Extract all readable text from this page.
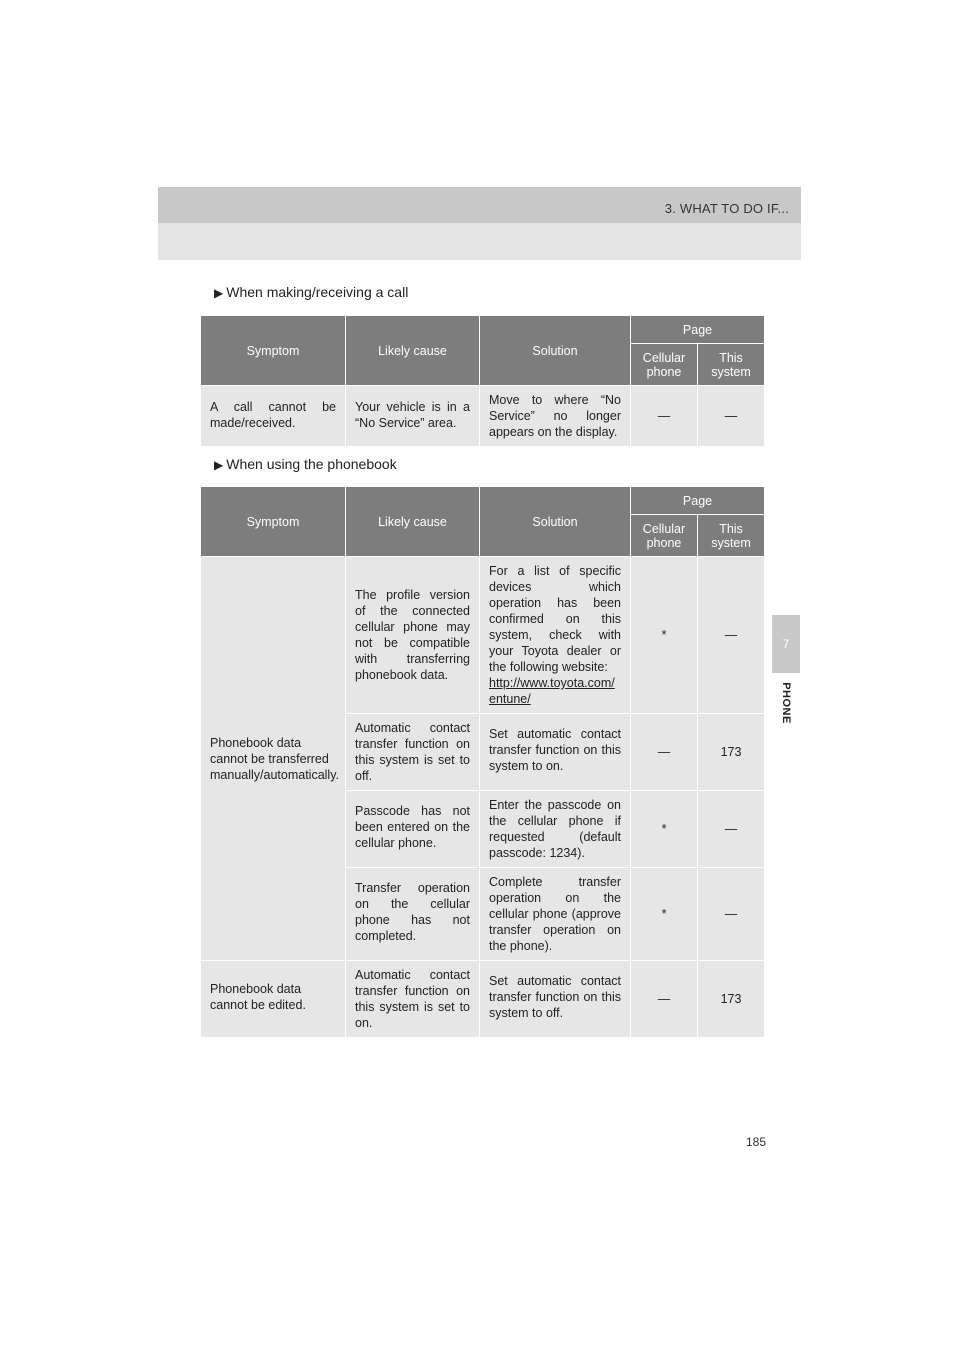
3. WHAT TO DO IF...
7
PHONE
▶ When making/receiving a call
Symptom	Likely cause	Solution	Page	
			Cellular phone	This system
A call cannot be made/received.	Your vehicle is in a “No Service” area.	Move to where “No Service” no longer appears on the display.	—	—
▶ When using the phonebook
Symptom	Likely cause	Solution	Page	
			Cellular phone	This system
Phonebook data cannot be transferred manually/automatically.	The profile version of the connected cellular phone may not be compatible with transferring phonebook data.	For a list of specific devices which operation has been confirmed on this system, check with your Toyota dealer or the following website:
http://www.toyota.com/entune/	*	—
	Automatic contact transfer function on this system is set to off.	Set automatic contact transfer function on this system to on.	—	173
	Passcode has not been entered on the cellular phone.	Enter the passcode on the cellular phone if requested (default passcode: 1234).	*	—
	Transfer operation on the cellular phone has not completed.	Complete transfer operation on the cellular phone (approve transfer operation on the phone).	*	—
Phonebook data cannot be edited.	Automatic contact transfer function on this system is set to on.	Set automatic contact transfer function on this system to off.	—	173
185
